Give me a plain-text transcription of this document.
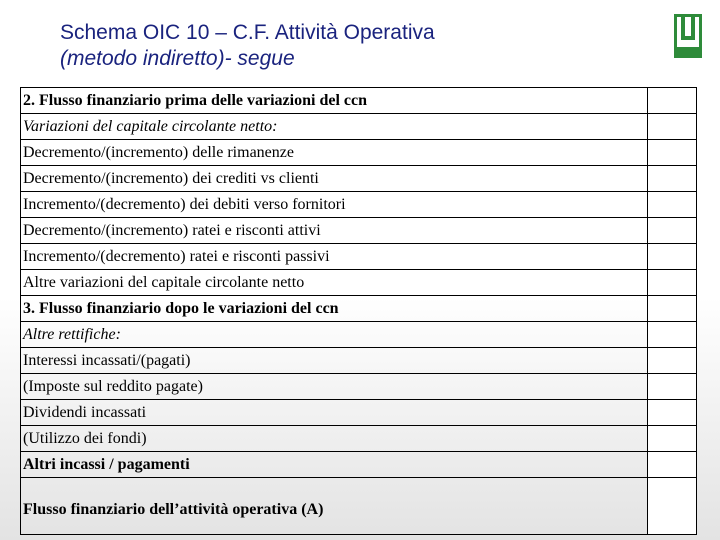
Schema OIC 10 – C.F. Attività Operativa
(metodo indiretto)- segue
2. Flusso finanziario prima delle variazioni del ccn	
Variazioni del capitale circolante netto:	
Decremento/(incremento) delle rimanenze	
Decremento/(incremento) dei crediti vs clienti	
Incremento/(decremento) dei debiti verso fornitori	
Decremento/(incremento) ratei e risconti attivi	
Incremento/(decremento) ratei e risconti passivi	
Altre variazioni del capitale circolante netto	
3. Flusso finanziario dopo le variazioni del ccn	
Altre rettifiche:	
Interessi incassati/(pagati)	
(Imposte sul reddito pagate)	
Dividendi incassati	
(Utilizzo dei fondi)	
Altri incassi / pagamenti	
Flusso finanziario dell’attività operativa (A)	
